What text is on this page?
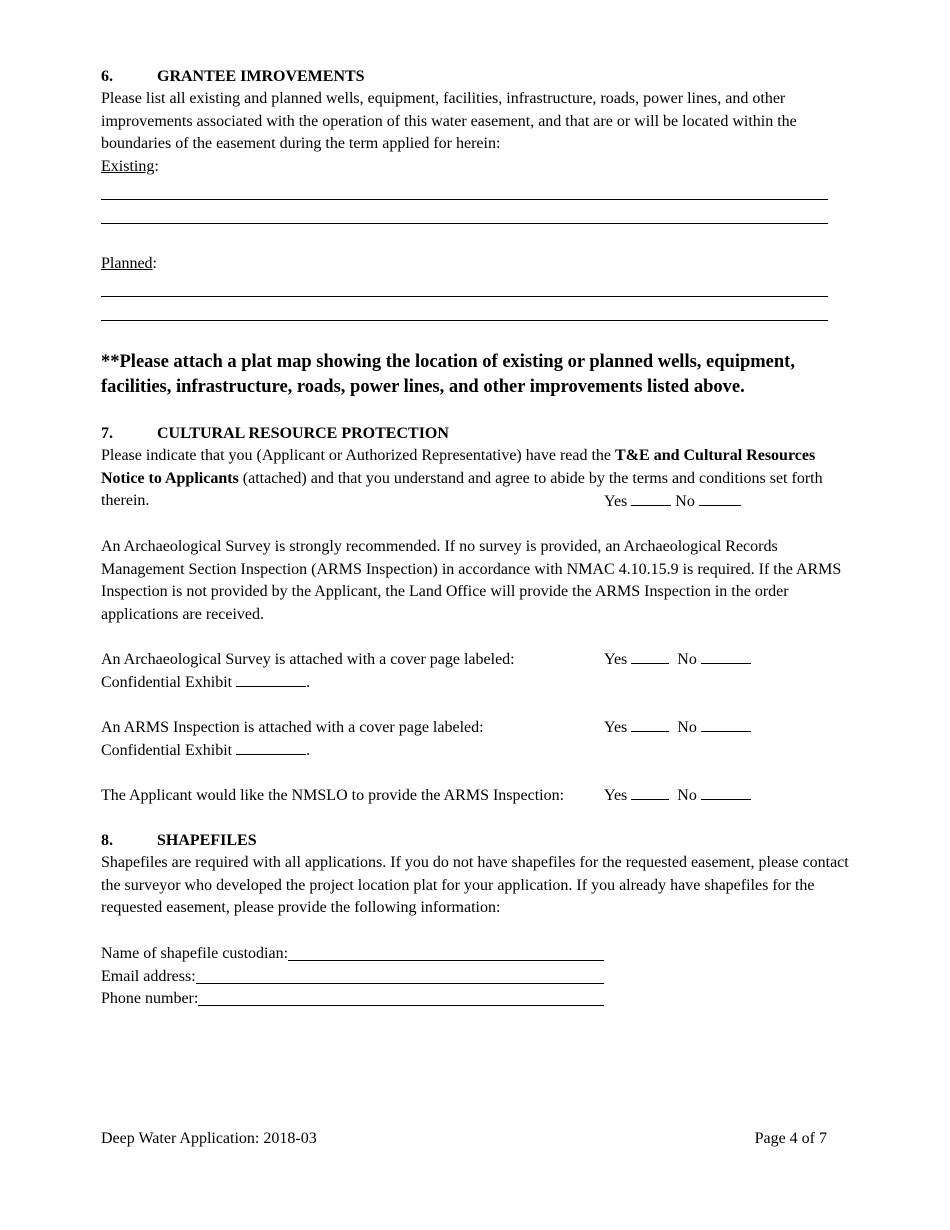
6.	GRANTEE IMROVEMENTS

Please list all existing and planned wells, equipment, facilities, infrastructure, roads, power lines, and other improvements associated with the operation of this water easement, and that are or will be located within the boundaries of the easement during the term applied for herein:

Existing:
Planned:
**Please attach a plat map showing the location of existing or planned wells, equipment, facilities, infrastructure, roads, power lines, and other improvements listed above.
7.	CULTURAL RESOURCE PROTECTION

Please indicate that you (Applicant or Authorized Representative) have read the T&E and Cultural Resources Notice to Applicants (attached) and that you understand and agree to abide by the terms and conditions set forth therein.	Yes	No

An Archaeological Survey is strongly recommended. If no survey is provided, an Archaeological Records Management Section Inspection (ARMS Inspection) in accordance with NMAC 4.10.15.9 is required. If the ARMS Inspection is not provided by the Applicant, the Land Office will provide the ARMS Inspection in the order applications are received.

An Archaeological Survey is attached with a cover page labeled:
Confidential Exhibit	.
Yes	No
An ARMS Inspection is attached with a cover page labeled:
Confidential Exhibit	.
Yes	No
The Applicant would like the NMSLO to provide the ARMS Inspection: Yes	No
8.	SHAPEFILES

Shapefiles are required with all applications. If you do not have shapefiles for the requested easement, please contact the surveyor who developed the project location plat for your application. If you already have shapefiles for the requested easement, please provide the following information:

Name of shapefile custodian:
Email address:
Phone number:
Deep Water Application: 2018-03	Page 4 of 7
